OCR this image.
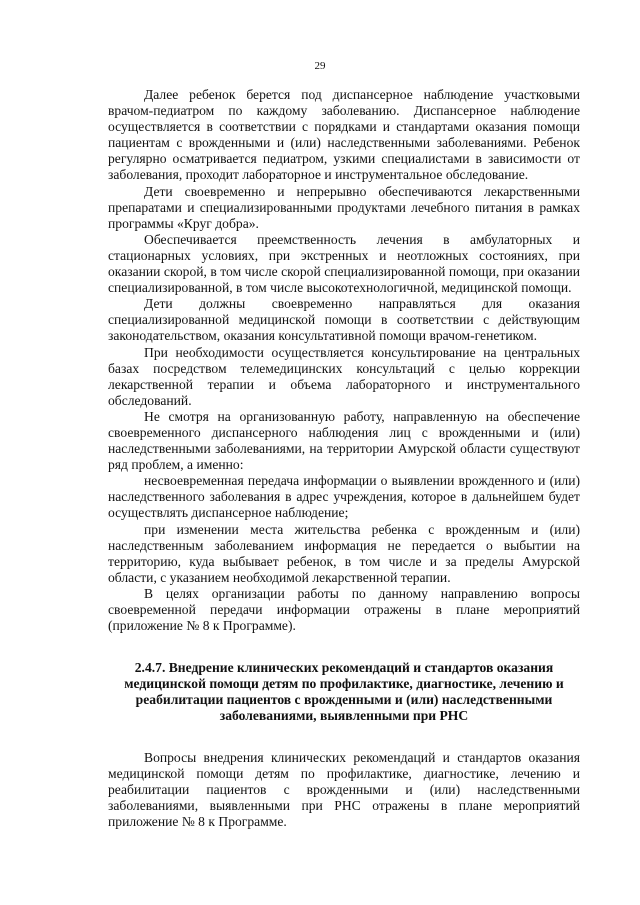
29

Далее ребенок берется под диспансерное наблюдение участковыми врачом-педиатром по каждому заболеванию. Диспансерное наблюдение осуществляется в соответствии с порядками и стандартами оказания помощи пациентам с врожденными и (или) наследственными заболеваниями. Ребенок регулярно осматривается педиатром, узкими специалистами в зависимости от заболевания, проходит лабораторное и инструментальное обследование.

Дети своевременно и непрерывно обеспечиваются лекарственными препаратами и специализированными продуктами лечебного питания в рамках программы «Круг добра».

Обеспечивается преемственность лечения в амбулаторных и стационарных условиях, при экстренных и неотложных состояниях, при оказании скорой, в том числе скорой специализированной помощи, при оказании специализированной, в том числе высокотехнологичной, медицинской помощи.

Дети должны своевременно направляться для оказания специализированной медицинской помощи в соответствии с действующим законодательством, оказания консультативной помощи врачом-генетиком.

При необходимости осуществляется консультирование на центральных базах посредством телемедицинских консультаций с целью коррекции лекарственной терапии и объема лабораторного и инструментального обследований.

Не смотря на организованную работу, направленную на обеспечение своевременного диспансерного наблюдения лиц с врожденными и (или) наследственными заболеваниями, на территории Амурской области существуют ряд проблем, а именно:

несвоевременная передача информации о выявлении врожденного и (или) наследственного заболевания в адрес учреждения, которое в дальнейшем будет осуществлять диспансерное наблюдение;

при изменении места жительства ребенка с врожденным и (или) наследственным заболеванием информация не передается о выбытии на территорию, куда выбывает ребенок, в том числе и за пределы Амурской области, с указанием необходимой лекарственной терапии.

В целях организации работы по данному направлению вопросы своевременной передачи информации отражены в плане мероприятий (приложение № 8 к Программе).

2.4.7. Внедрение клинических рекомендаций и стандартов оказания медицинской помощи детям по профилактике, диагностике, лечению и реабилитации пациентов с врожденными и (или) наследственными заболеваниями, выявленными при РНС

Вопросы внедрения клинических рекомендаций и стандартов оказания медицинской помощи детям по профилактике, диагностике, лечению и реабилитации пациентов с врожденными и (или) наследственными заболеваниями, выявленными при РНС отражены в плане мероприятий приложение № 8 к Программе.
